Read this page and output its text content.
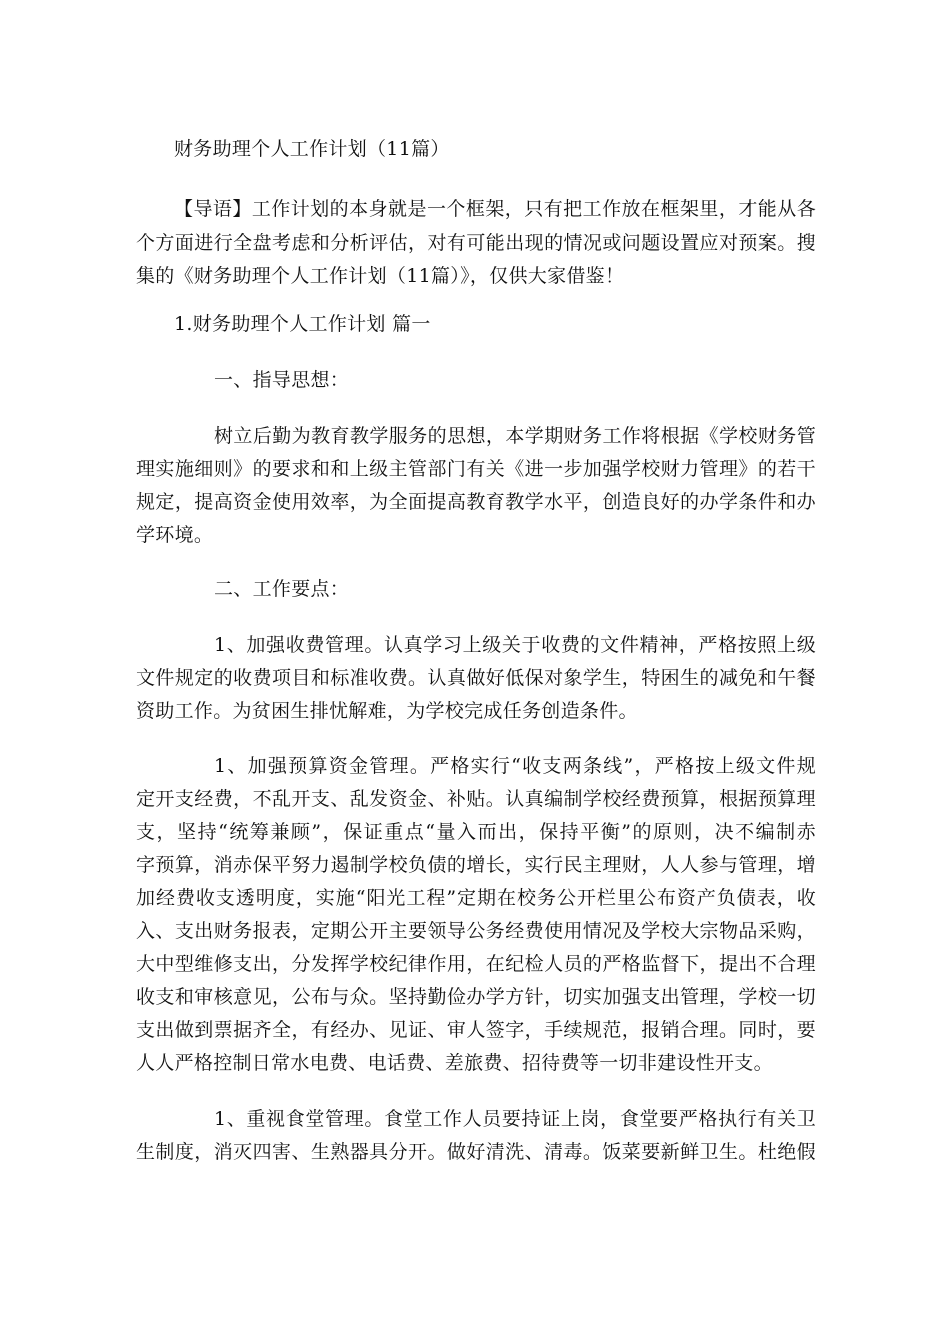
财务助理个人工作计划（11篇）
【导语】工作计划的本身就是一个框架，只有把工作放在框架里，才能从各
个方面进行全盘考虑和分析评估，对有可能出现的情况或问题设置应对预案。搜
集的《财务助理个人工作计划（11篇）》，仅供大家借鉴！
1.财务助理个人工作计划 篇一
一、指导思想：
树立后勤为教育教学服务的思想，本学期财务工作将根据《学校财务管
理实施细则》的要求和和上级主管部门有关《进一步加强学校财力管理》的若干
规定，提高资金使用效率，为全面提高教育教学水平，创造良好的办学条件和办
学环境。
二、工作要点：
1、加强收费管理。认真学习上级关于收费的文件精神，严格按照上级
文件规定的收费项目和标准收费。认真做好低保对象学生，特困生的减免和午餐
资助工作。为贫困生排忧解难，为学校完成任务创造条件。
1、加强预算资金管理。严格实行“收支两条线”，严格按上级文件规
定开支经费，不乱开支、乱发资金、补贴。认真编制学校经费预算，根据预算理
支，坚持“统筹兼顾”，保证重点“量入而出，保持平衡”的原则，决不编制赤
字预算，消赤保平努力遏制学校负债的增长，实行民主理财，人人参与管理，增
加经费收支透明度，实施“阳光工程”定期在校务公开栏里公布资产负债表，收
入、支出财务报表，定期公开主要领导公务经费使用情况及学校大宗物品采购，
大中型维修支出，分发挥学校纪律作用，在纪检人员的严格监督下，提出不合理
收支和审核意见，公布与众。坚持勤俭办学方针，切实加强支出管理，学校一切
支出做到票据齐全，有经办、见证、审人签字，手续规范，报销合理。同时，要
人人严格控制日常水电费、电话费、差旅费、招待费等一切非建设性开支。
1、重视食堂管理。食堂工作人员要持证上岗，食堂要严格执行有关卫
生制度，消灭四害、生熟器具分开。做好清洗、清毒。饭菜要新鲜卫生。杜绝假
